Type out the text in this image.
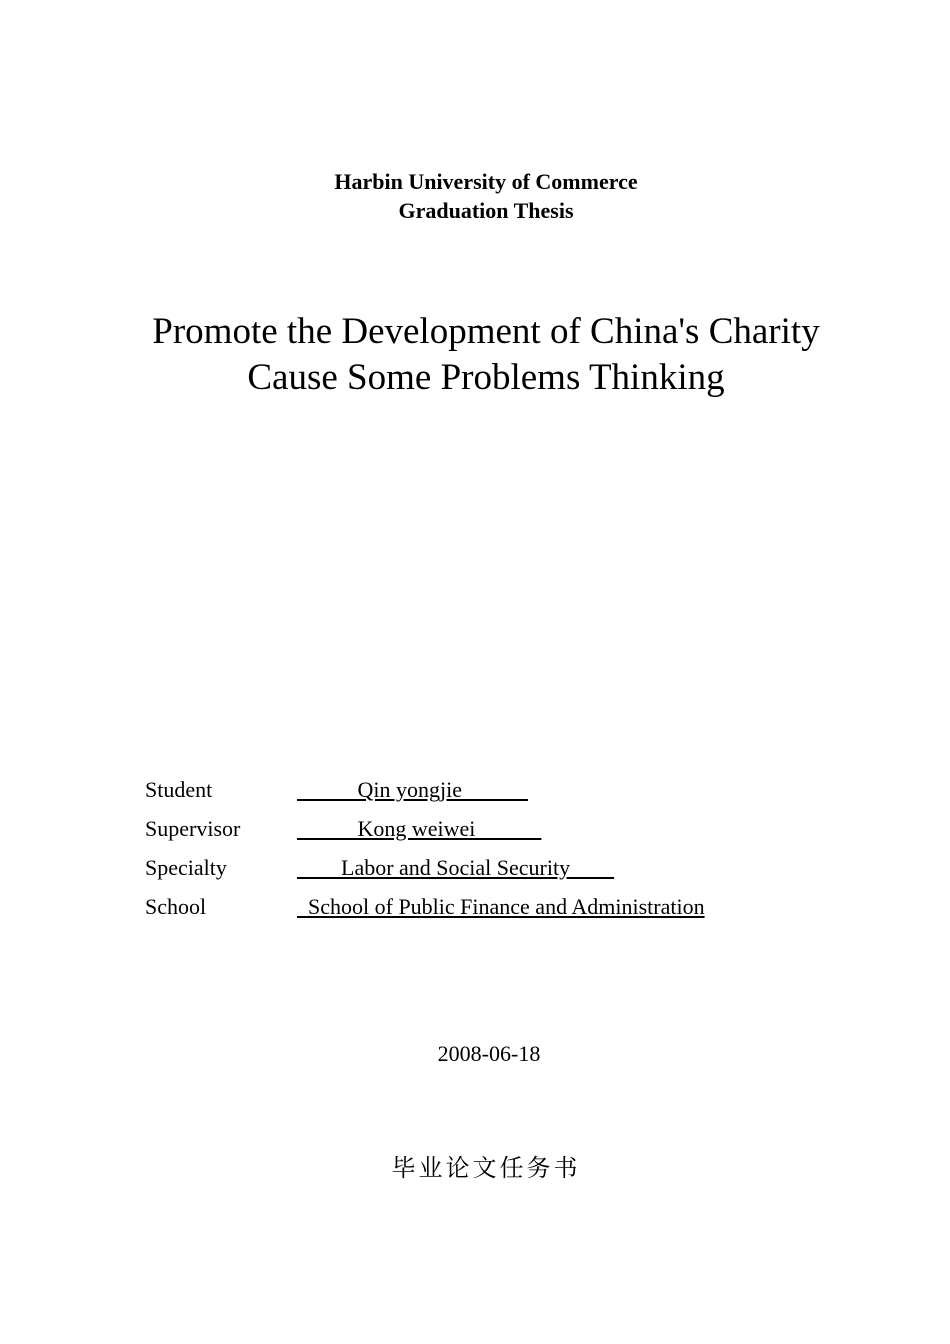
Harbin University of Commerce
Graduation Thesis
Promote the Development of China's Charity
Cause Some Problems Thinking
Student	Qin yongjie
Supervisor	Kong weiwei
Specialty	Labor and Social Security
School	School of Public Finance and Administration
2008-06-18
毕业论文任务书
